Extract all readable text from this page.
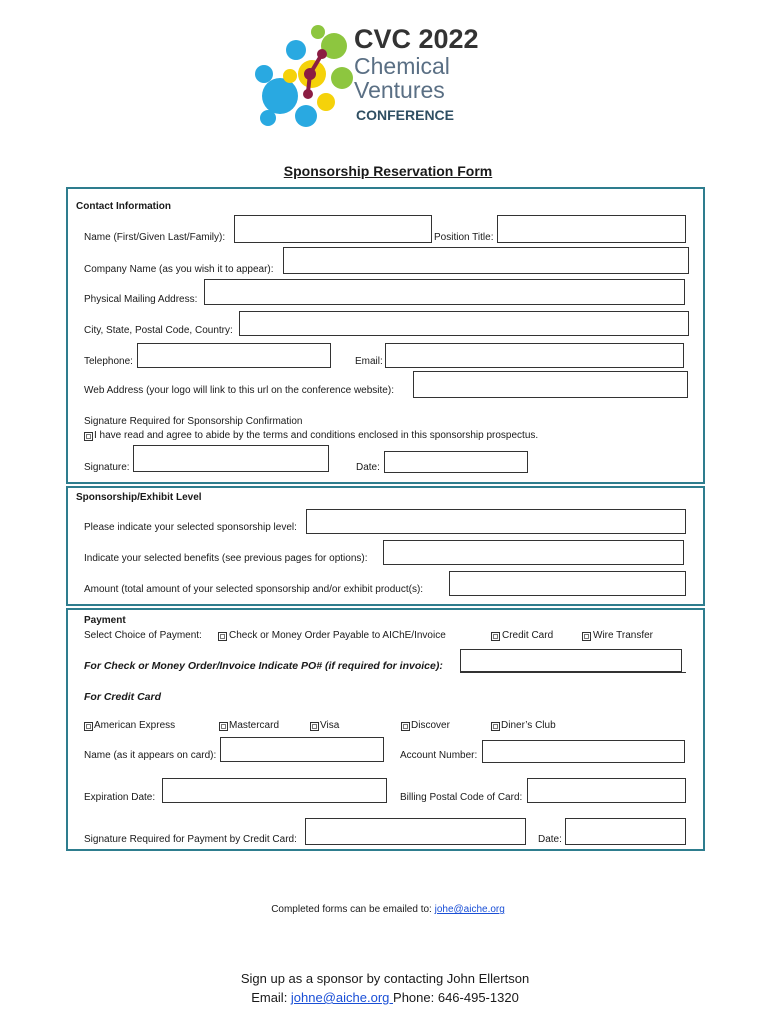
CVC 2022
Chemical
Ventures
CONFERENCE
Sponsorship Reservation Form
Contact Information
Name (First/Given Last/Family):	Position Title:
Company Name (as you wish it to appear):
Physical Mailing Address:
City, State, Postal Code, Country:
Telephone:	Email:
Web Address (your logo will link to this url on the conference website):
Signature Required for Sponsorship Confirmation
I have read and agree to abide by the terms and conditions enclosed in this sponsorship prospectus.
Signature:	Date:
Sponsorship/Exhibit Level
Please indicate your selected sponsorship level:
Indicate your selected benefits (see previous pages for options):
Amount (total amount of your selected sponsorship and/or exhibit product(s):
Payment
Select Choice of Payment:	Check or Money Order Payable to AIChE/Invoice	Credit Card	Wire Transfer
For Check or Money Order/Invoice Indicate PO# (if required for invoice):
For Credit Card
American Express	Mastercard	Visa	Discover	Diner’s Club
Name (as it appears on card):	Account Number:
Expiration Date:	Billing Postal Code of Card:
Signature Required for Payment by Credit Card:	Date:
Completed forms can be emailed to: johe@aiche.org
Sign up as a sponsor by contacting John Ellertson
Email: johne@aiche.org Phone: 646-495-1320
